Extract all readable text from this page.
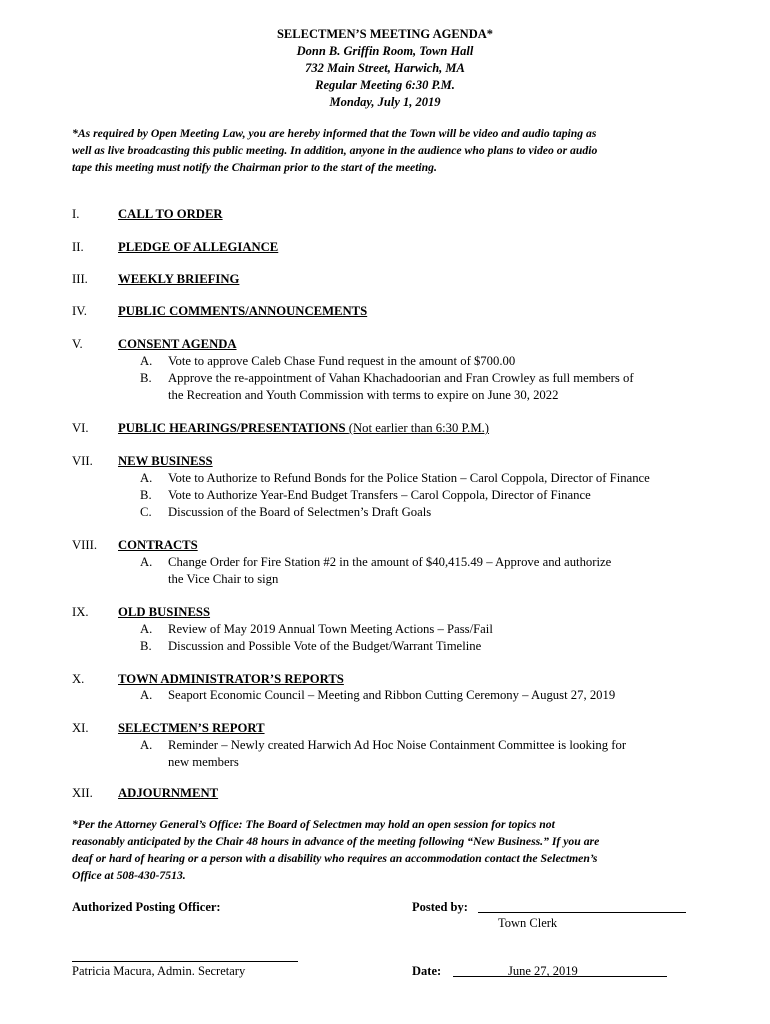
SELECTMEN’S MEETING AGENDA*
Donn B. Griffin Room, Town Hall
732 Main Street, Harwich, MA
Regular Meeting 6:30 P.M.
Monday, July 1, 2019
*As required by Open Meeting Law, you are hereby informed that the Town will be video and audio taping as
well as live broadcasting this public meeting. In addition, anyone in the audience who plans to video or audio
tape this meeting must notify the Chairman prior to the start of the meeting.
I.	CALL TO ORDER
II.	PLEDGE OF ALLEGIANCE
III. WEEKLY BRIEFING
IV. PUBLIC COMMENTS/ANNOUNCEMENTS
V.	CONSENT AGENDA
A. Vote to approve Caleb Chase Fund request in the amount of $700.00
B. Approve the re-appointment of Vahan Khachadoorian and Fran Crowley as full members of
the Recreation and Youth Commission with terms to expire on June 30, 2022
VI. PUBLIC HEARINGS/PRESENTATIONS (Not earlier than 6:30 P.M.)
VII. NEW BUSINESS
A. Vote to Authorize to Refund Bonds for the Police Station – Carol Coppola, Director of Finance
B. Vote to Authorize Year-End Budget Transfers – Carol Coppola, Director of Finance
C. Discussion of the Board of Selectmen’s Draft Goals
VIII. CONTRACTS
A. Change Order for Fire Station #2 in the amount of $40,415.49 – Approve and authorize
the Vice Chair to sign
IX. OLD BUSINESS
A. Review of May 2019 Annual Town Meeting Actions – Pass/Fail
B. Discussion and Possible Vote of the Budget/Warrant Timeline
X.	TOWN ADMINISTRATOR’S REPORTS
A. Seaport Economic Council – Meeting and Ribbon Cutting Ceremony – August 27, 2019
XI. SELECTMEN’S REPORT
A. Reminder – Newly created Harwich Ad Hoc Noise Containment Committee is looking for
new members
XII. ADJOURNMENT
*Per the Attorney General’s Office: The Board of Selectmen may hold an open session for topics not
reasonably anticipated by the Chair 48 hours in advance of the meeting following “New Business.” If you are
deaf or hard of hearing or a person with a disability who requires an accommodation contact the Selectmen’s
Office at 508-430-7513.
Authorized Posting Officer:	Posted by:
Town Clerk
Patricia Macura, Admin. Secretary	Date:	June 27, 2019
